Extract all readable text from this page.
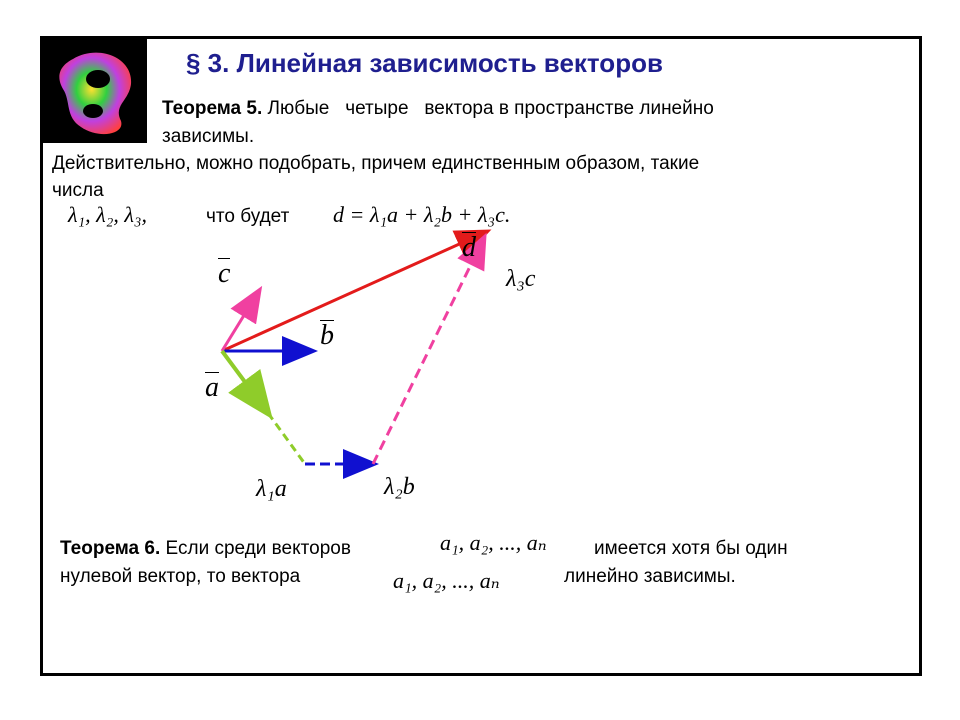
§ 3. Линейная зависимость векторов
Теорема 5. Любые   четыре   вектора в пространстве линейно
зависимы.
Действительно, можно подобрать, причем единственным образом, такие
числа
λ₁, λ₂, λ₃,	что будет d = λ₁a + λ₂b + λ₃c.
c
b
a
d
λ₃c
λ₁a	λ₂b
Теорема 6. Если среди векторов	a₁, a₂, ..., aₙ имеется хотя бы один
нулевой вектор, то вектора	a₁, a₂, ..., aₙ	линейно зависимы.
